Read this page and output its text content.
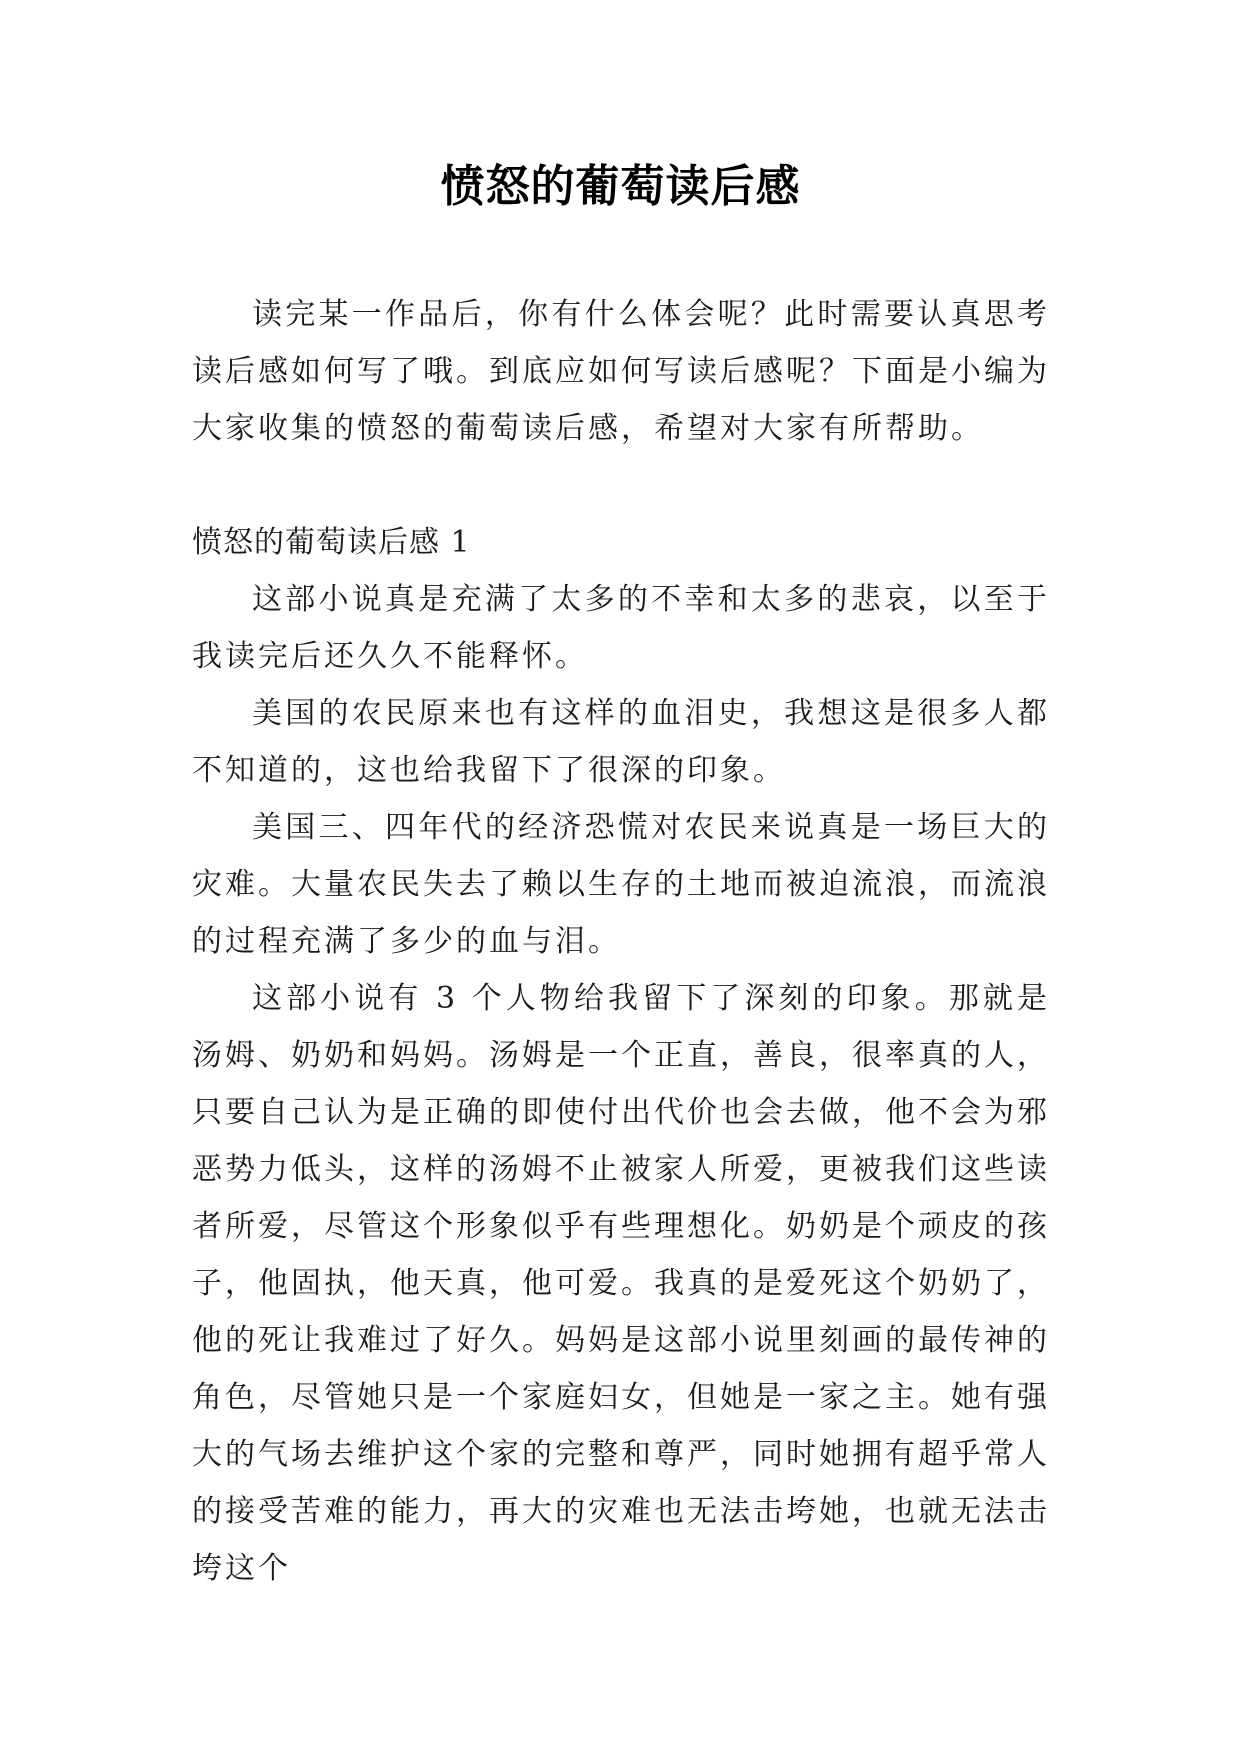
愤怒的葡萄读后感

读完某一作品后，你有什么体会呢？此时需要认真思考读后感如何写了哦。到底应如何写读后感呢？下面是小编为大家收集的愤怒的葡萄读后感，希望对大家有所帮助。

愤怒的葡萄读后感 1

这部小说真是充满了太多的不幸和太多的悲哀，以至于我读完后还久久不能释怀。

美国的农民原来也有这样的血泪史，我想这是很多人都不知道的，这也给我留下了很深的印象。

美国三、四年代的经济恐慌对农民来说真是一场巨大的灾难。大量农民失去了赖以生存的土地而被迫流浪，而流浪的过程充满了多少的血与泪。

这部小说有 3 个人物给我留下了深刻的印象。那就是汤姆、奶奶和妈妈。汤姆是一个正直，善良，很率真的人，只要自己认为是正确的即使付出代价也会去做，他不会为邪恶势力低头，这样的汤姆不止被家人所爱，更被我们这些读者所爱，尽管这个形象似乎有些理想化。奶奶是个顽皮的孩子，他固执，他天真，他可爱。我真的是爱死这个奶奶了，他的死让我难过了好久。妈妈是这部小说里刻画的最传神的角色，尽管她只是一个家庭妇女，但她是一家之主。她有强大的气场去维护这个家的完整和尊严，同时她拥有超乎常人的接受苦难的能力，再大的灾难也无法击垮她，也就无法击垮这个
